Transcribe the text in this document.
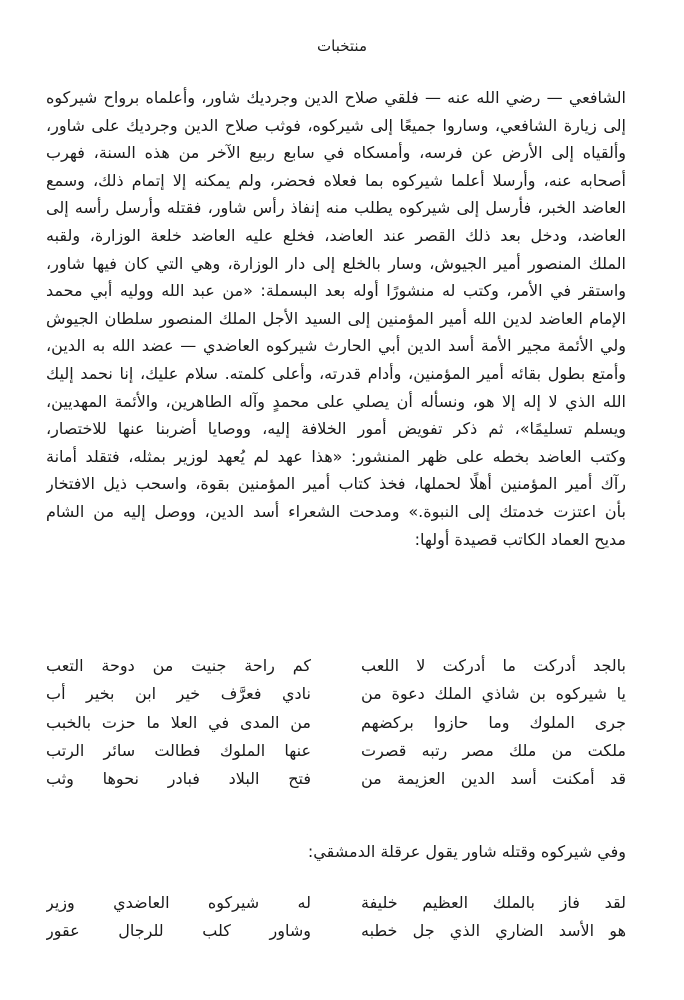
منتخبات
الشافعي — رضي الله عنه — فلقي صلاح الدين وجرديك شاور، وأعلماه برواح شيركوه
إلى زيارة الشافعي، وساروا جميعًا إلى شيركوه، فوثب صلاح الدين وجرديك على شاور،
وألقياه إلى الأرض عن فرسه، وأمسكاه في سابع ربيع الآخر من هذه السنة، فهرب
أصحابه عنه، وأرسلا أعلما شيركوه بما فعلاه فحضر، ولم يمكنه إلا إتمام ذلك، وسمع
العاضد الخبر، فأرسل إلى شيركوه يطلب منه إنفاذ رأس شاور، فقتله وأرسل رأسه إلى
العاضد، ودخل بعد ذلك القصر عند العاضد، فخلع عليه العاضد خلعة الوزارة، ولقبه
الملك المنصور أمير الجيوش، وسار بالخلع إلى دار الوزارة، وهي التي كان فيها شاور،
واستقر في الأمر، وكتب له منشورًا أوله بعد البسملة: «من عبد الله ووليه أبي محمد
الإمام العاضد لدين الله أمير المؤمنين إلى السيد الأجل الملك المنصور سلطان الجيوش
ولي الأئمة مجير الأمة أسد الدين أبي الحارث شيركوه العاضدي — عضد الله به الدين،
وأمتع بطول بقائه أمير المؤمنين، وأدام قدرته، وأعلى كلمته. سلام عليك، إنا نحمد إليك
الله الذي لا إله إلا هو، ونسأله أن يصلي على محمدٍ وآله الطاهرين، والأئمة المهديين،
ويسلم تسليمًا»، ثم ذكر تفويض أمور الخلافة إليه، ووصايا أضربنا عنها للاختصار،
وكتب العاضد بخطه على ظهر المنشور: «هذا عهد لم يُعهد لوزير بمثله، فتقلد أمانة
رآك أمير المؤمنين أهلًا لحملها، فخذ كتاب أمير المؤمنين بقوة، واسحب ذيل الافتخار
بأن اعتزت خدمتك إلى النبوة.» ومدحت الشعراء أسد الدين، ووصل إليه من الشام
مديح العماد الكاتب قصيدة أولها:
بالجد أدركت ما أدركت لا اللعب
كم راحة جنيت من دوحة التعب
يا شيركوه بن شاذي الملك دعوة من
نادي فعرَّف خير ابن بخير أب
جرى الملوك وما حازوا بركضهم
من المدى في العلا ما حزت بالخبب
ملكت من ملك مصر رتبه قصرت
عنها الملوك فطالت سائر الرتب
قد أمكنت أسد الدين العزيمة من
فتح البلاد فبادر نحوها وثب
وفي شيركوه وقتله شاور يقول عرقلة الدمشقي:
لقد فاز بالملك العظيم خليفة
له شيركوه العاضدي وزير
هو الأسد الضاري الذي جل خطبه
وشاور كلب للرجال عقور
